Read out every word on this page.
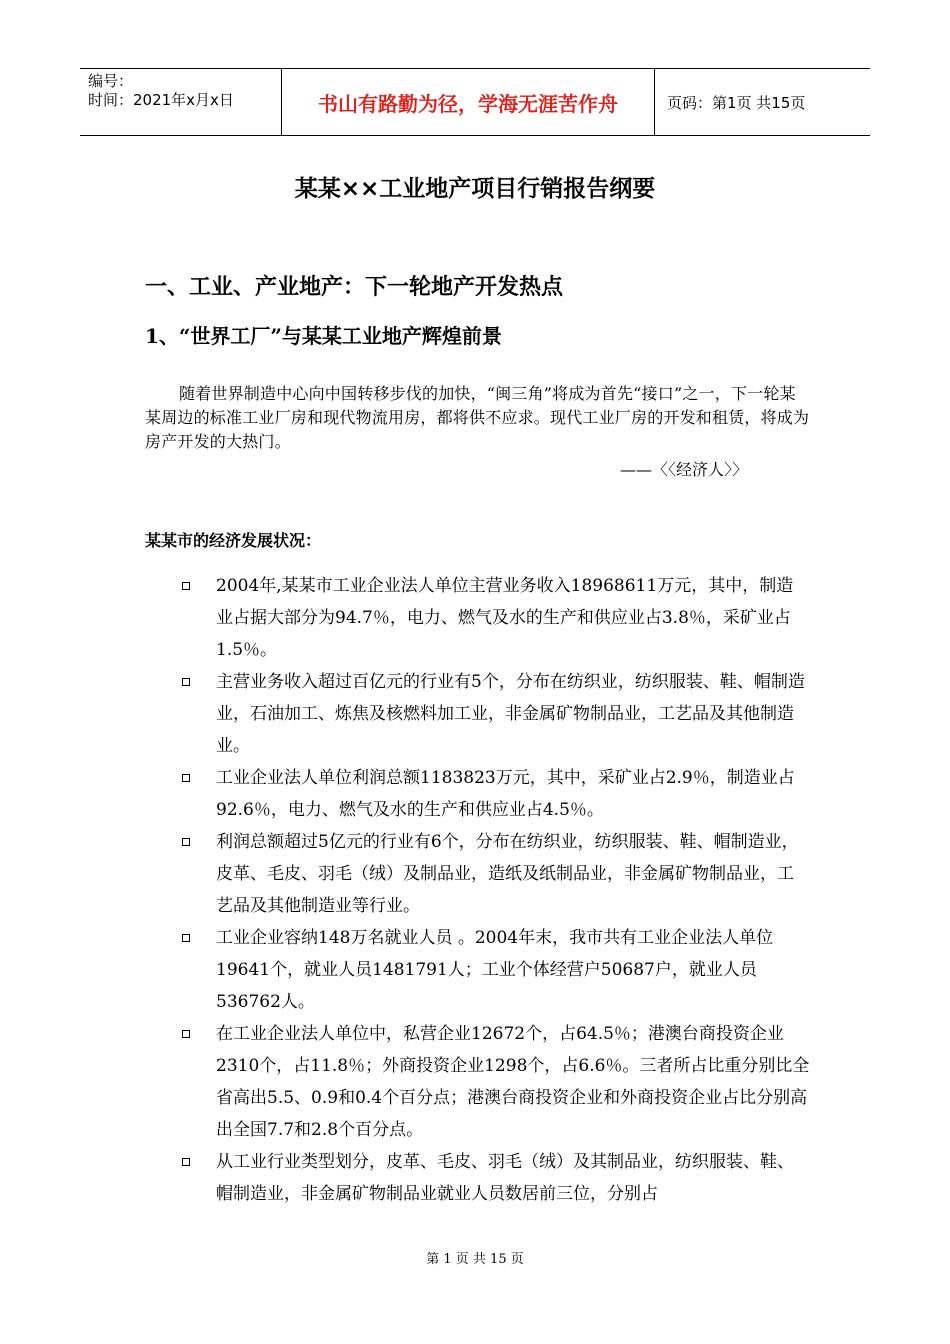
编号：
时间：2021年x月x日	书山有路勤为径，学海无涯苦作舟	页码：第1页 共15页
某某××工业地产项目行销报告纲要
一、工业、产业地产：下一轮地产开发热点
1、“世界工厂”与某某工业地产辉煌前景

随着世界制造中心向中国转移步伐的加快，“闽三角”将成为首先“接口”之一，下一轮某某周边的标准工业厂房和现代物流用房，都将供不应求。现代工业厂房的开发和租赁，将成为房产开发的大热门。

——〈〈经济人〉〉

某某市的经济发展状况：

2004年,某某市工业企业法人单位主营业务收入18968611万元，其中，制造业占据大部分为94.7％，电力、燃气及水的生产和供应业占3.8％，采矿业占1.5％。
主营业务收入超过百亿元的行业有5个，分布在纺织业，纺织服装、鞋、帽制造业，石油加工、炼焦及核燃料加工业，非金属矿物制品业，工艺品及其他制造业。
工业企业法人单位利润总额1183823万元，其中，采矿业占2.9％，制造业占92.6％，电力、燃气及水的生产和供应业占4.5％。
利润总额超过5亿元的行业有6个，分布在纺织业，纺织服装、鞋、帽制造业，皮革、毛皮、羽毛（绒）及制品业，造纸及纸制品业，非金属矿物制品业，工艺品及其他制造业等行业。
工业企业容纳148万名就业人员 。2004年末，我市共有工业企业法人单位19641个，就业人员1481791人；工业个体经营户50687户，就业人员536762人。
在工业企业法人单位中，私营企业12672个，占64.5％；港澳台商投资企业2310个，占11.8％；外商投资企业1298个，占6.6％。三者所占比重分别比全省高出5.5、0.9和0.4个百分点；港澳台商投资企业和外商投资企业占比分别高出全国7.7和2.8个百分点。
从工业行业类型划分，皮革、毛皮、羽毛（绒）及其制品业，纺织服装、鞋、帽制造业，非金属矿物制品业就业人员数居前三位，分别占

第 1 页 共 15 页
